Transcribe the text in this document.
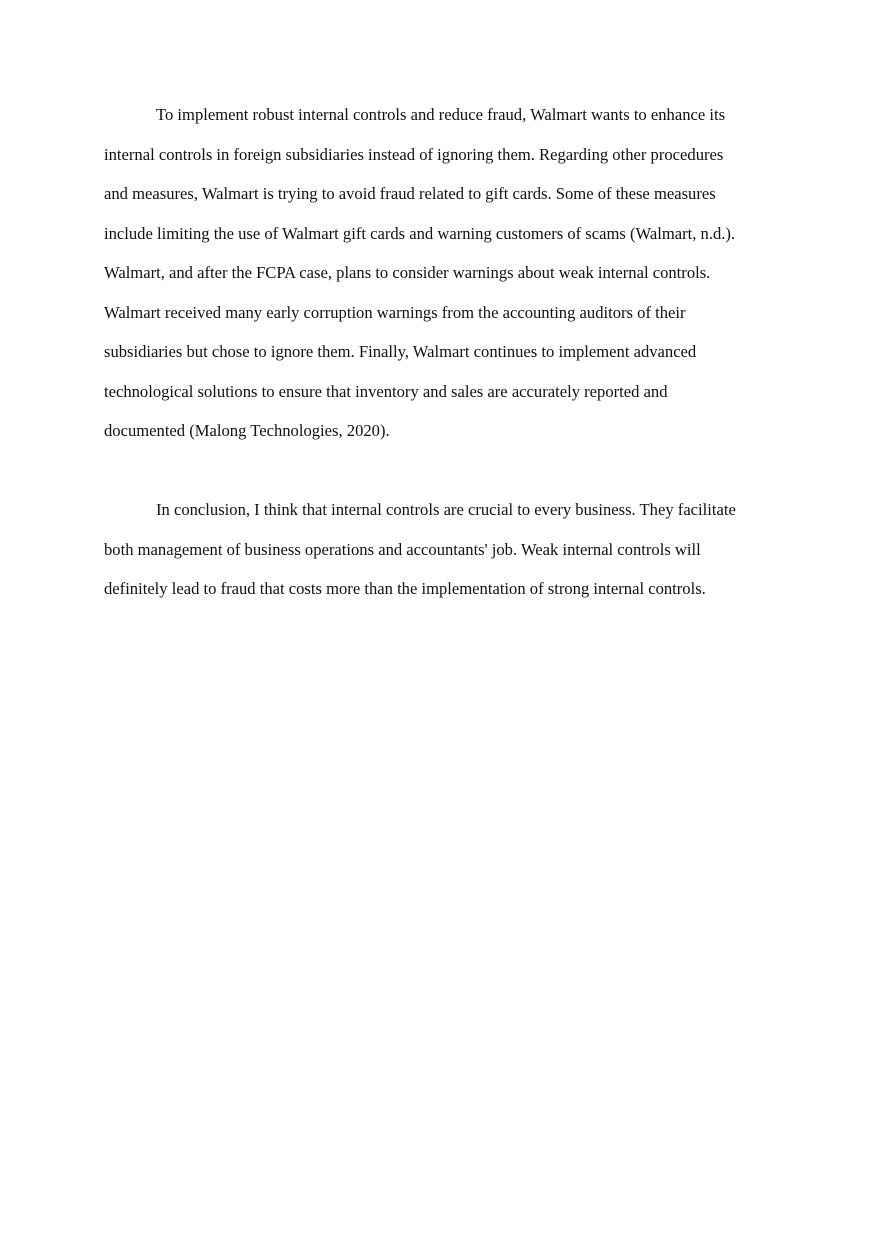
To implement robust internal controls and reduce fraud, Walmart wants to enhance its
internal controls in foreign subsidiaries instead of ignoring them. Regarding other procedures
and measures, Walmart is trying to avoid fraud related to gift cards. Some of these measures
include limiting the use of Walmart gift cards and warning customers of scams (Walmart, n.d.).
Walmart, and after the FCPA case, plans to consider warnings about weak internal controls.
Walmart received many early corruption warnings from the accounting auditors of their
subsidiaries but chose to ignore them. Finally, Walmart continues to implement advanced
technological solutions to ensure that inventory and sales are accurately reported and
documented (Malong Technologies, 2020).
In conclusion, I think that internal controls are crucial to every business. They facilitate
both management of business operations and accountants' job. Weak internal controls will
definitely lead to fraud that costs more than the implementation of strong internal controls.
